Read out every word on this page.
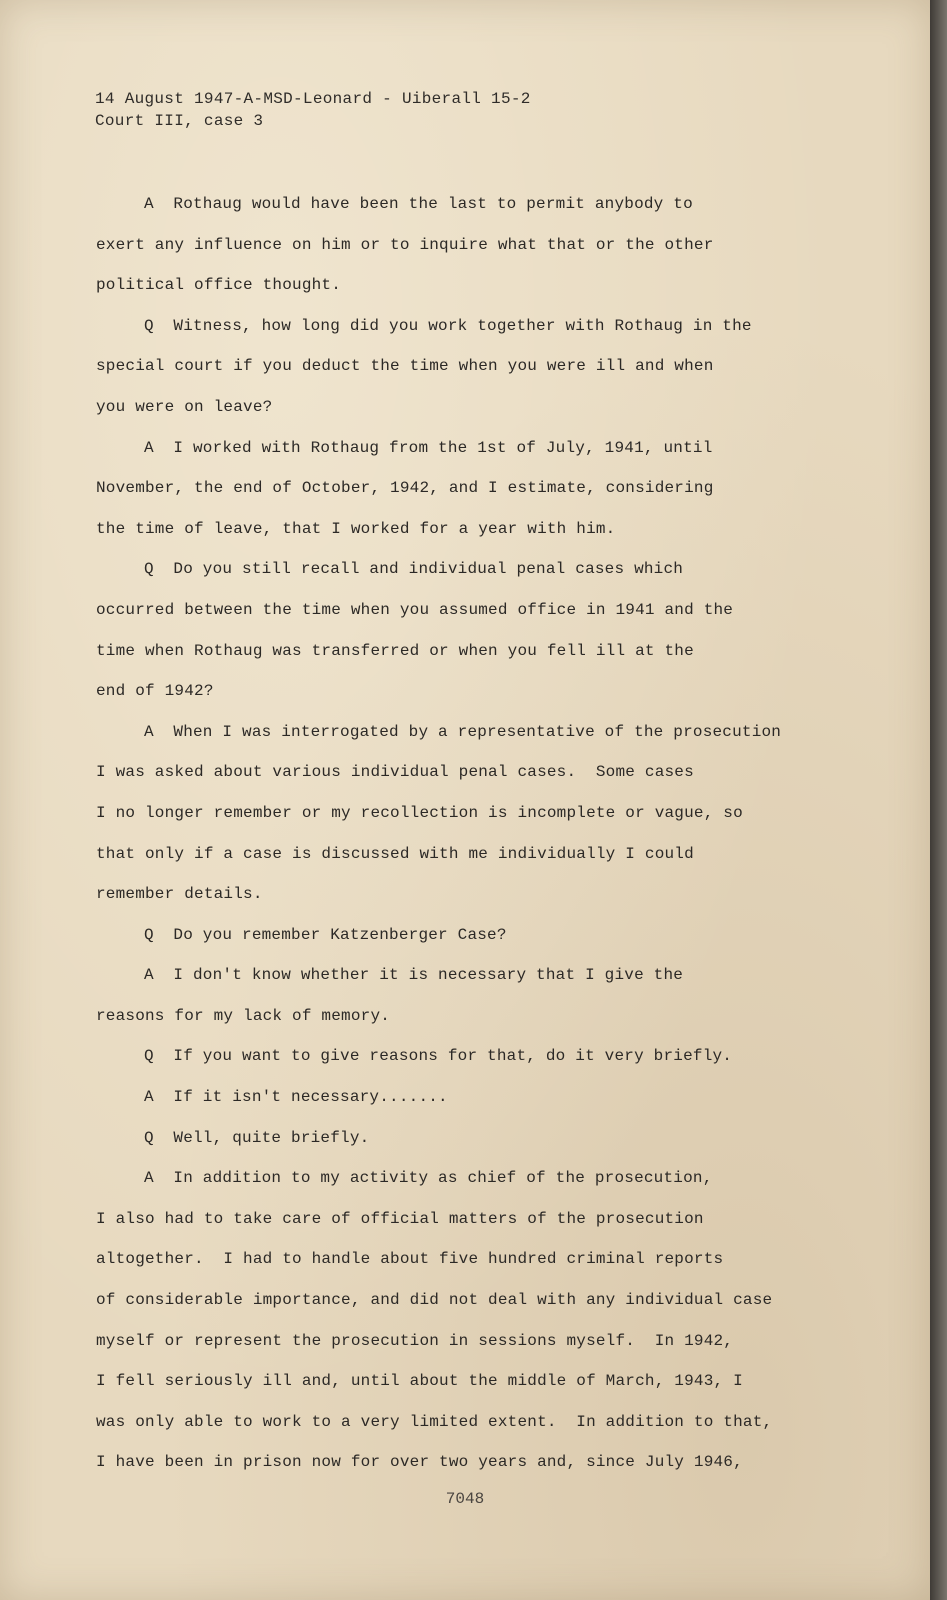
14 August 1947-A-MSD-Leonard - Uiberall 15-2
Court III, case 3
A  Rothaug would have been the last to permit anybody to
exert any influence on him or to inquire what that or the other
political office thought.
Q  Witness, how long did you work together with Rothaug in the
special court if you deduct the time when you were ill and when
you were on leave?
A  I worked with Rothaug from the 1st of July, 1941, until
November, the end of October, 1942, and I estimate, considering
the time of leave, that I worked for a year with him.
Q  Do you still recall and individual penal cases which
occurred between the time when you assumed office in 1941 and the
time when Rothaug was transferred or when you fell ill at the
end of 1942?
A  When I was interrogated by a representative of the prosecution
I was asked about various individual penal cases.  Some cases
I no longer remember or my recollection is incomplete or vague, so
that only if a case is discussed with me individually I could
remember details.
Q  Do you remember Katzenberger Case?
A  I don't know whether it is necessary that I give the
reasons for my lack of memory.
Q  If you want to give reasons for that, do it very briefly.
A  If it isn't necessary.......
Q  Well, quite briefly.
A  In addition to my activity as chief of the prosecution,
I also had to take care of official matters of the prosecution
altogether.  I had to handle about five hundred criminal reports
of considerable importance, and did not deal with any individual case
myself or represent the prosecution in sessions myself.  In 1942,
I fell seriously ill and, until about the middle of March, 1943, I
was only able to work to a very limited extent.  In addition to that,
I have been in prison now for over two years and, since July 1946,
7048
